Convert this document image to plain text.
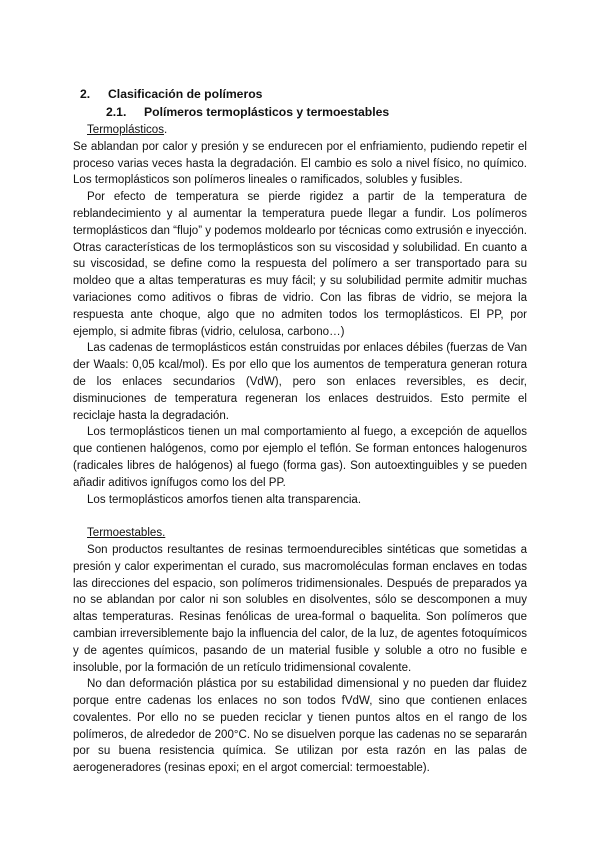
2. Clasificación de polímeros
2.1. Polímeros termoplásticos y termoestables

Termoplásticos.

Se ablandan por calor y presión y se endurecen por el enfriamiento, pudiendo repetir el proceso varias veces hasta la degradación. El cambio es solo a nivel físico, no químico. Los termoplásticos son polímeros lineales o ramificados, solubles y fusibles.

Por efecto de temperatura se pierde rigidez a partir de la temperatura de reblandecimiento y al aumentar la temperatura puede llegar a fundir. Los polímeros termoplásticos dan “flujo” y podemos moldearlo por técnicas como extrusión e inyección. Otras características de los termoplásticos son su viscosidad y solubilidad. En cuanto a su viscosidad, se define como la respuesta del polímero a ser transportado para su moldeo que a altas temperaturas es muy fácil; y su solubilidad permite admitir muchas variaciones como aditivos o fibras de vidrio. Con las fibras de vidrio, se mejora la respuesta ante choque, algo que no admiten todos los termoplásticos. El PP, por ejemplo, si admite fibras (vidrio, celulosa, carbono…)

Las cadenas de termoplásticos están construidas por enlaces débiles (fuerzas de Van der Waals: 0,05 kcal/mol). Es por ello que los aumentos de temperatura generan rotura de los enlaces secundarios (VdW), pero son enlaces reversibles, es decir, disminuciones de temperatura regeneran los enlaces destruidos. Esto permite el reciclaje hasta la degradación.

Los termoplásticos tienen un mal comportamiento al fuego, a excepción de aquellos que contienen halógenos, como por ejemplo el teflón. Se forman entonces halogenuros (radicales libres de halógenos) al fuego (forma gas). Son autoextinguibles y se pueden añadir aditivos ignífugos como los del PP.

Los termoplásticos amorfos tienen alta transparencia.

Termoestables.

Son productos resultantes de resinas termoendurecibles sintéticas que sometidas a presión y calor experimentan el curado, sus macromoléculas forman enclaves en todas las direcciones del espacio, son polímeros tridimensionales. Después de preparados ya no se ablandan por calor ni son solubles en disolventes, sólo se descomponen a muy altas temperaturas. Resinas fenólicas de urea-formal o baquelita. Son polímeros que cambian irreversiblemente bajo la influencia del calor, de la luz, de agentes fotoquímicos y de agentes químicos, pasando de un material fusible y soluble a otro no fusible e insoluble, por la formación de un retículo tridimensional covalente.

No dan deformación plástica por su estabilidad dimensional y no pueden dar fluidez porque entre cadenas los enlaces no son todos fVdW, sino que contienen enlaces covalentes. Por ello no se pueden reciclar y tienen puntos altos en el rango de los polímeros, de alrededor de 200°C. No se disuelven porque las cadenas no se separarán por su buena resistencia química. Se utilizan por esta razón en las palas de aerogeneradores (resinas epoxi; en el argot comercial: termoestable).
